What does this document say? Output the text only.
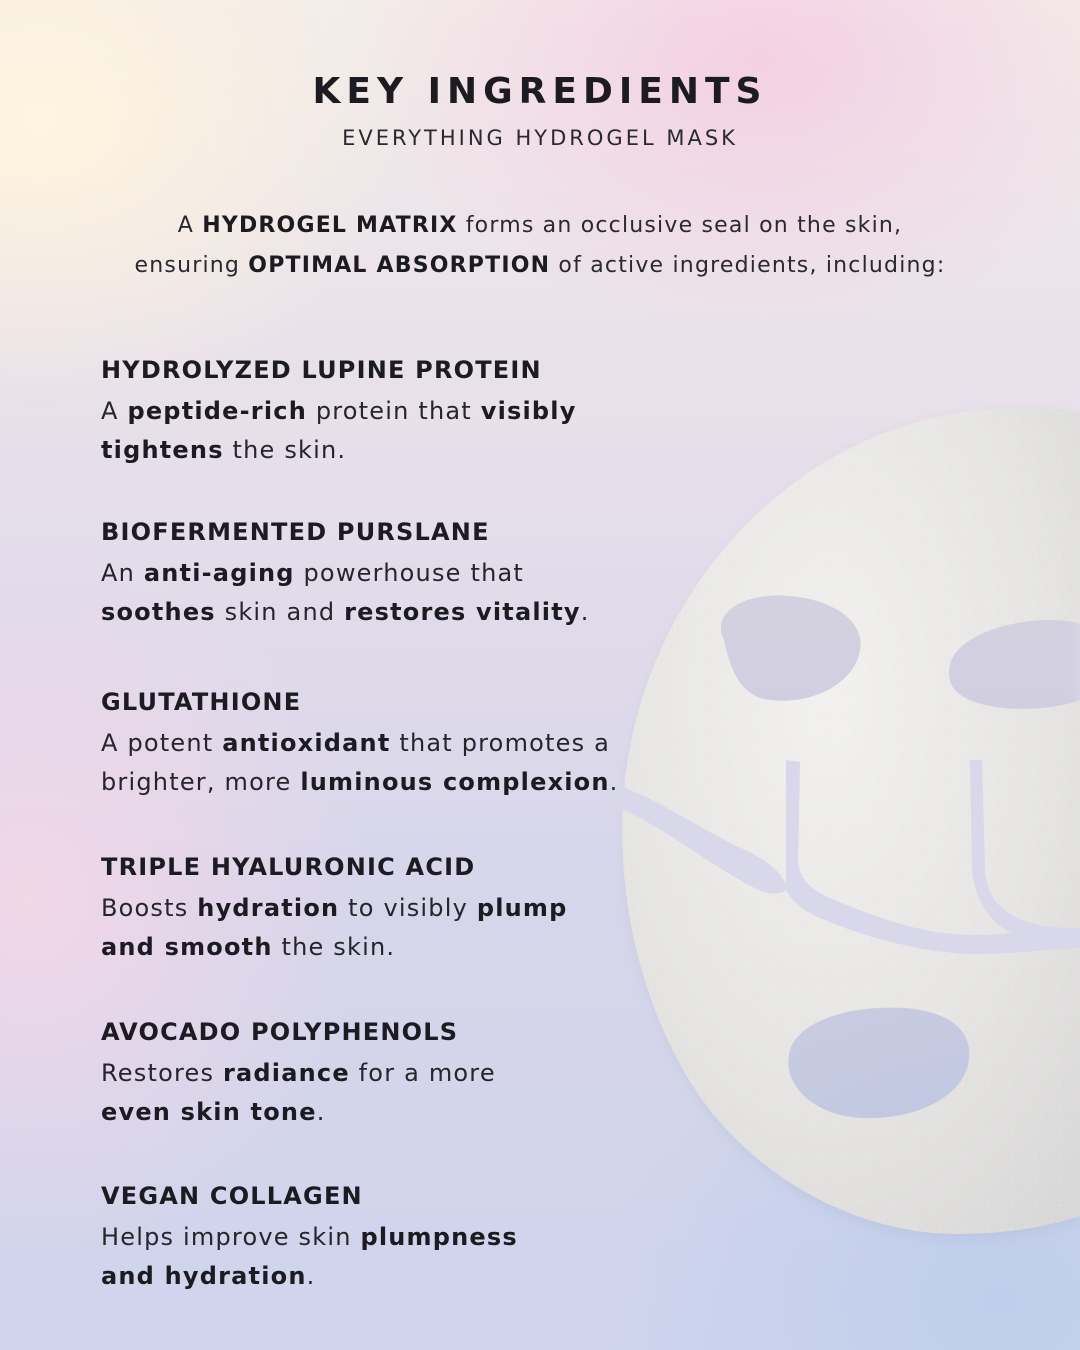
KEY INGREDIENTS
EVERYTHING HYDROGEL MASK
A HYDROGEL MATRIX forms an occlusive seal on the skin,
ensuring OPTIMAL ABSORPTION of active ingredients, including:
HYDROLYZED LUPINE PROTEIN
A peptide-rich protein that visibly
tightens the skin.
BIOFERMENTED PURSLANE
An anti-aging powerhouse that
soothes skin and restores vitality.
GLUTATHIONE
A potent antioxidant that promotes a
brighter, more luminous complexion.
TRIPLE HYALURONIC ACID
Boosts hydration to visibly plump
and smooth the skin.
AVOCADO POLYPHENOLS
Restores radiance for a more
even skin tone.
VEGAN COLLAGEN
Helps improve skin plumpness
and hydration.
